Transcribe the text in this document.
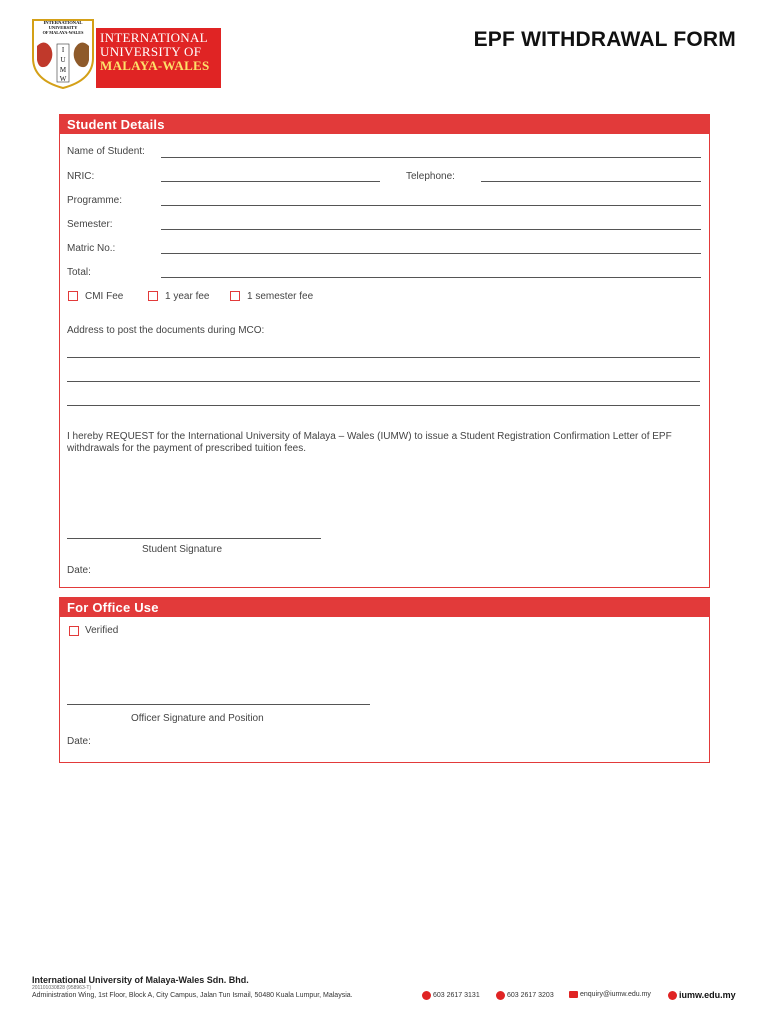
INTERNATIONAL
UNIVERSITY
OF MALAYA-WALES
I
U
M
W
INTERNATIONAL
UNIVERSITY OF
MALAYA-WALES
EPF WITHDRAWAL FORM
Student Details
Name of Student:
NRIC:	Telephone:
Programme:
Semester:
Matric No.:
Total:
CMI Fee	1 year fee	1 semester fee
Address to post the documents during MCO:
I hereby REQUEST for the International University of Malaya – Wales (IUMW) to issue a Student Registration Confirmation Letter of EPF withdrawals for the payment of prescribed tuition fees.
Student Signature
Date:
For Office Use
Verified
Officer Signature and Position
Date:
International University of Malaya-Wales Sdn. Bhd.
201101030828 (958963-T)
Administration Wing, 1st Floor, Block A, City Campus, Jalan Tun Ismail, 50480 Kuala Lumpur, Malaysia.	603 2617 3131	603 2617 3203	enquiry@iumw.edu.my	iumw.edu.my
